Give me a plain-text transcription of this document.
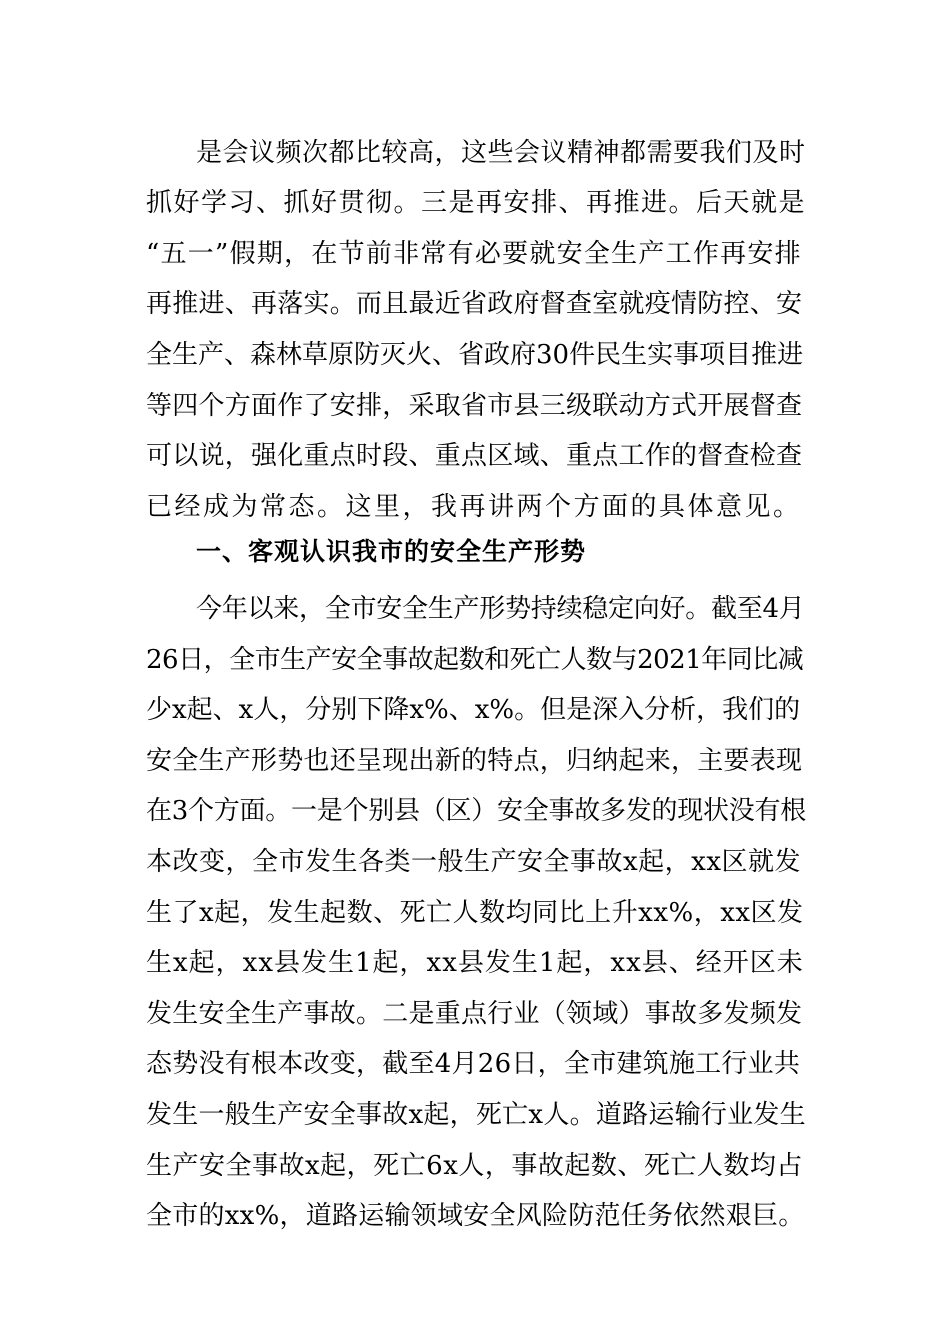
是会议频次都比较高，这些会议精神都需要我们及时
抓好学习、抓好贯彻。三是再安排、再推进。后天就是
“五一”假期，在节前非常有必要就安全生产工作再安排
再推进、再落实。而且最近省政府督查室就疫情防控、安
全生产、森林草原防灭火、省政府30件民生实事项目推进
等四个方面作了安排，采取省市县三级联动方式开展督查
可以说，强化重点时段、重点区域、重点工作的督查检查
已经成为常态。这里，我再讲两个方面的具体意见。
一、客观认识我市的安全生产形势
今年以来，全市安全生产形势持续稳定向好。截至4月
26日，全市生产安全事故起数和死亡人数与2021年同比减
少x起、x人，分别下降x%、x%。但是深入分析，我们的
安全生产形势也还呈现出新的特点，归纳起来，主要表现
在3个方面。一是个别县（区）安全事故多发的现状没有根
本改变，全市发生各类一般生产安全事故x起，xx区就发
生了x起，发生起数、死亡人数均同比上升xx%，xx区发
生x起，xx县发生1起，xx县发生1起，xx县、经开区未
发生安全生产事故。二是重点行业（领域）事故多发频发
态势没有根本改变，截至4月26日，全市建筑施工行业共
发生一般生产安全事故x起，死亡x人。道路运输行业发生
生产安全事故x起，死亡6x人，事故起数、死亡人数均占
全市的xx%，道路运输领域安全风险防范任务依然艰巨。
